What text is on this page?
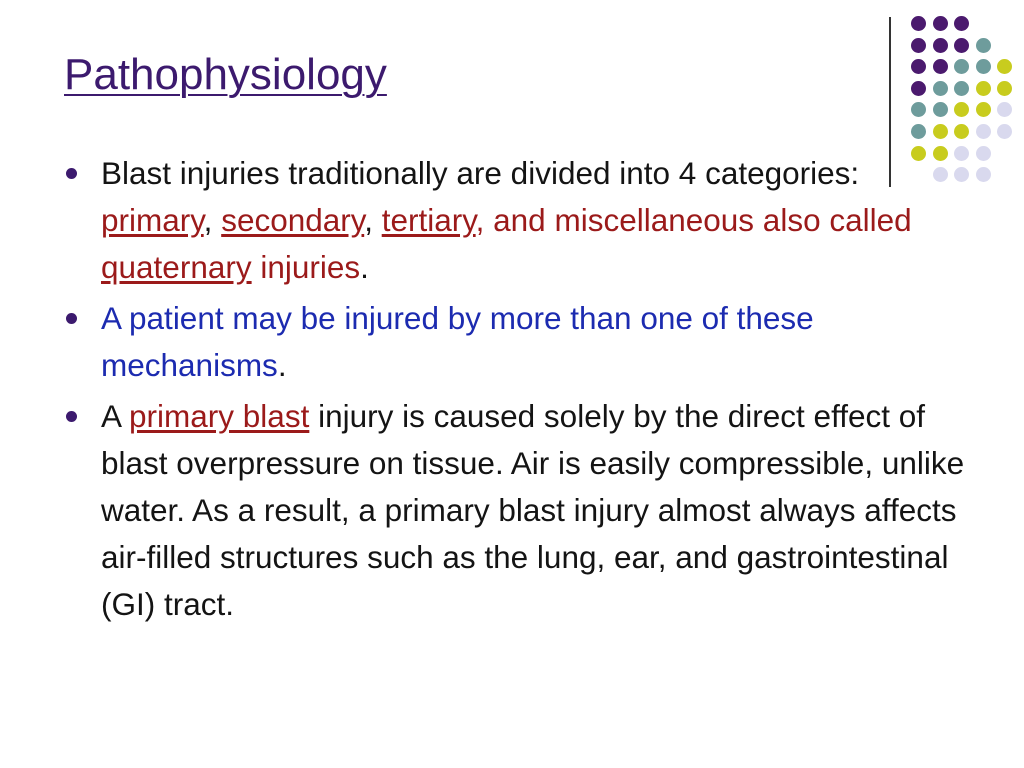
Pathophysiology
Blast injuries traditionally are divided into 4 categories: primary, secondary, tertiary, and miscellaneous also called quaternary injuries.
A patient may be injured by more than one of these mechanisms.
A primary blast injury is caused solely by the direct effect of blast overpressure on tissue. Air is easily compressible, unlike water. As a result, a primary blast injury almost always affects air-filled structures such as the lung, ear, and gastrointestinal (GI) tract.
